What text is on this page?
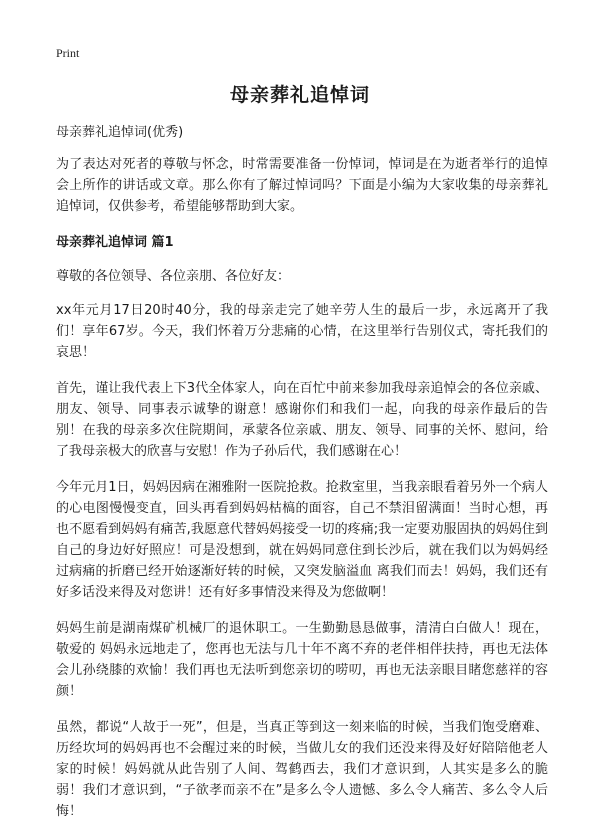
Print
母亲葬礼追悼词

母亲葬礼追悼词(优秀)

为了表达对死者的尊敬与怀念，时常需要准备一份悼词，悼词是在为逝者举行的追悼会上所作的讲话或文章。那么你有了解过悼词吗？下面是小编为大家收集的母亲葬礼追悼词，仅供参考，希望能够帮助到大家。

母亲葬礼追悼词 篇1

尊敬的各位领导、各位亲朋、各位好友：

xx年元月17日20时40分，我的母亲走完了她辛劳人生的最后一步，永远离开了我们！享年67岁。今天，我们怀着万分悲痛的心情，在这里举行告别仪式，寄托我们的哀思！

首先，谨让我代表上下3代全体家人，向在百忙中前来参加我母亲追悼会的各位亲戚、朋友、领导、同事表示诚挚的谢意！感谢你们和我们一起，向我的母亲作最后的告别！在我的母亲多次住院期间，承蒙各位亲戚、朋友、领导、同事的关怀、慰问，给了我母亲极大的欣喜与安慰！作为子孙后代，我们感谢在心！

今年元月1日，妈妈因病在湘雅附一医院抢救。抢救室里，当我亲眼看着另外一个病人的心电图慢慢变直，回头再看到妈妈枯槁的面容，自己不禁泪留满面！当时心想，再也不愿看到妈妈有痛苦,我愿意代替妈妈接受一切的疼痛;我一定要劝服固执的妈妈住到自己的身边好好照应！可是没想到，就在妈妈同意住到长沙后，就在我们以为妈妈经过病痛的折磨已经开始逐渐好转的时候，又突发脑溢血 离我们而去！妈妈，我们还有好多话没来得及对您讲！还有好多事情没来得及为您做啊！

妈妈生前是湖南煤矿机械厂的退休职工。一生勤勤恳恳做事，清清白白做人！现在，敬爱的 妈妈永远地走了，您再也无法与几十年不离不弃的老伴相伴扶持，再也无法体会儿孙绕膝的欢愉！我们再也无法听到您亲切的唠叨，再也无法亲眼目睹您慈祥的容颜！

虽然，都说“人故于一死”，但是，当真正等到这一刻来临的时候，当我们饱受磨难、历经坎坷的妈妈再也不会醒过来的时候，当做儿女的我们还没来得及好好陪陪他老人家的时候！妈妈就从此告别了人间、驾鹤西去，我们才意识到，人其实是多么的脆弱！我们才意识到，“子欲孝而亲不在”是多么令人遗憾、多么令人痛苦、多么令人后悔！
